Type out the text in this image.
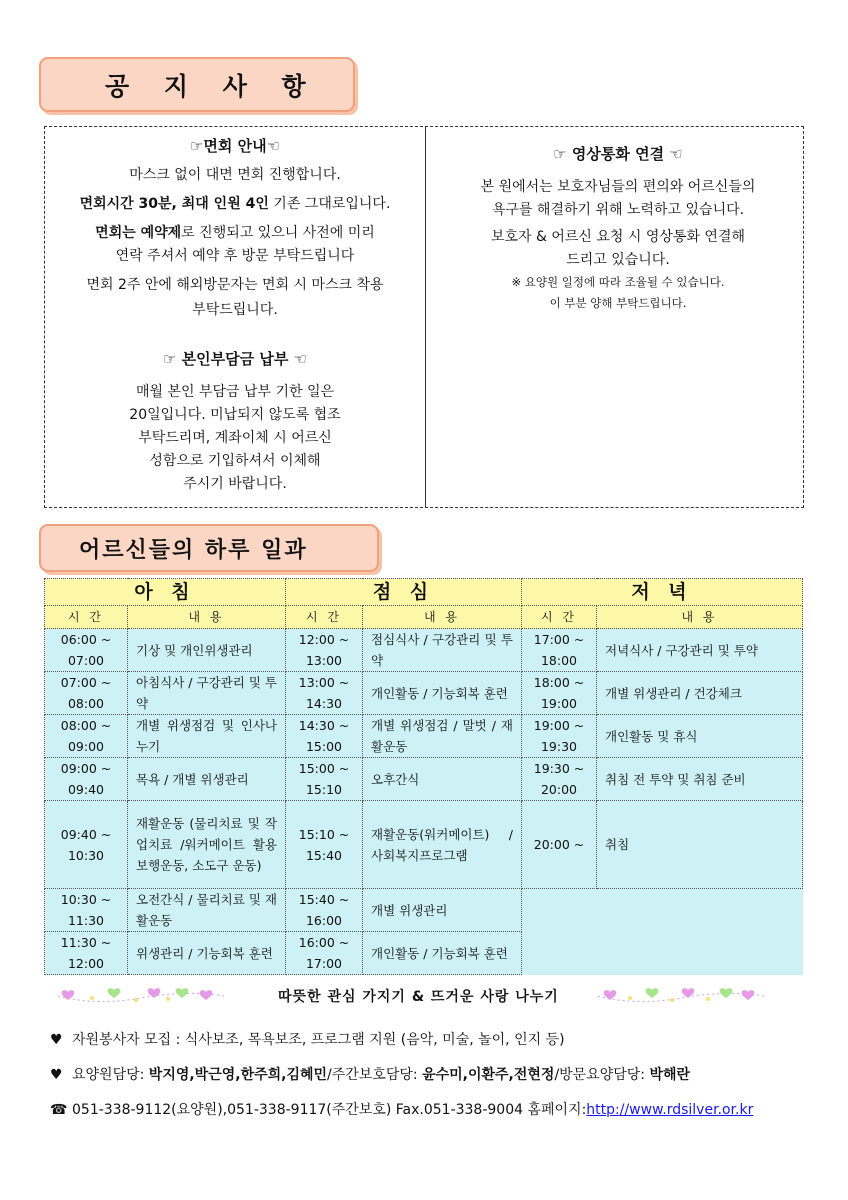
공 지 사 항

☞면회 안내☜

마스크 없이 대면 면회 진행합니다.

면회시간 30분, 최대 인원 4인 기존 그대로입니다.

면회는 예약제로 진행되고 있으니 사전에 미리

연락 주셔서 예약 후 방문 부탁드립니다

면회 2주 안에 해외방문자는 면회 시 마스크 착용

부탁드립니다.

☞ 본인부담금 납부 ☜

매월 본인 부담금 납부 기한 일은

20일입니다. 미납되지 않도록 협조

부탁드리며, 계좌이체 시 어르신

성함으로 기입하셔서 이체해

주시기 바랍니다.

☞ 영상통화 연결 ☜

본 원에서는 보호자님들의 편의와 어르신들의

욕구를 해결하기 위해 노력하고 있습니다.

보호자 & 어르신 요청 시 영상통화 연결해

드리고 있습니다.

※ 요양원 일정에 따라 조율될 수 있습니다.

이 부분 양해 부탁드립니다.

어르신들의 하루 일과
아 침		점 심		저 녁	
시 간	내 용	시 간	내 용	시 간	내 용
06:00 ~ 07:00	기상 및 개인위생관리	12:00 ~ 13:00	점심식사 / 구강관리 및 투약	17:00 ~ 18:00	저녁식사 / 구강관리 및 투약
07:00 ~ 08:00	아침식사 / 구강관리 및 투약	13:00 ~ 14:30	개인활동 / 기능회복 훈련	18:00 ~ 19:00	개별 위생관리 / 건강체크
08:00 ~ 09:00	개별 위생점검 및 인사나누기	14:30 ~ 15:00	개별 위생점검 / 말벗 / 재활운동	19:00 ~ 19:30	개인활동 및 휴식
09:00 ~ 09:40	목욕 / 개별 위생관리	15:00 ~ 15:10	오후간식	19:30 ~ 20:00	취침 전 투약 및 취침 준비
09:40 ~ 10:30	재활운동 (물리치료 및 작업치료 /워커메이트 활용 보행운동, 소도구 운동)	15:10 ~ 15:40	재활운동(워커메이트) / 사회복지프로그램	20:00 ~	취침
10:30 ~ 11:30	오전간식 / 물리치료 및 재활운동	15:40 ~ 16:00	개별 위생관리		
11:30 ~ 12:00	위생관리 / 기능회복 훈련	16:00 ~ 17:00	개인활동 / 기능회복 훈련		
따뜻한 관심 가지기 & 뜨거운 사랑 나누기
♥ 자원봉사자 모집 : 식사보조, 목욕보조, 프로그램 지원 (음악, 미술, 놀이, 인지 등)
♥ 요양원담당: 박지영,박근영,한주희,김혜민/주간보호담당: 윤수미,이환주,전현정/방문요양담당: 박해란
☎ 051-338-9112(요양원),051-338-9117(주간보호) Fax.051-338-9004 홈페이지:http://www.rdsilver.or.kr
